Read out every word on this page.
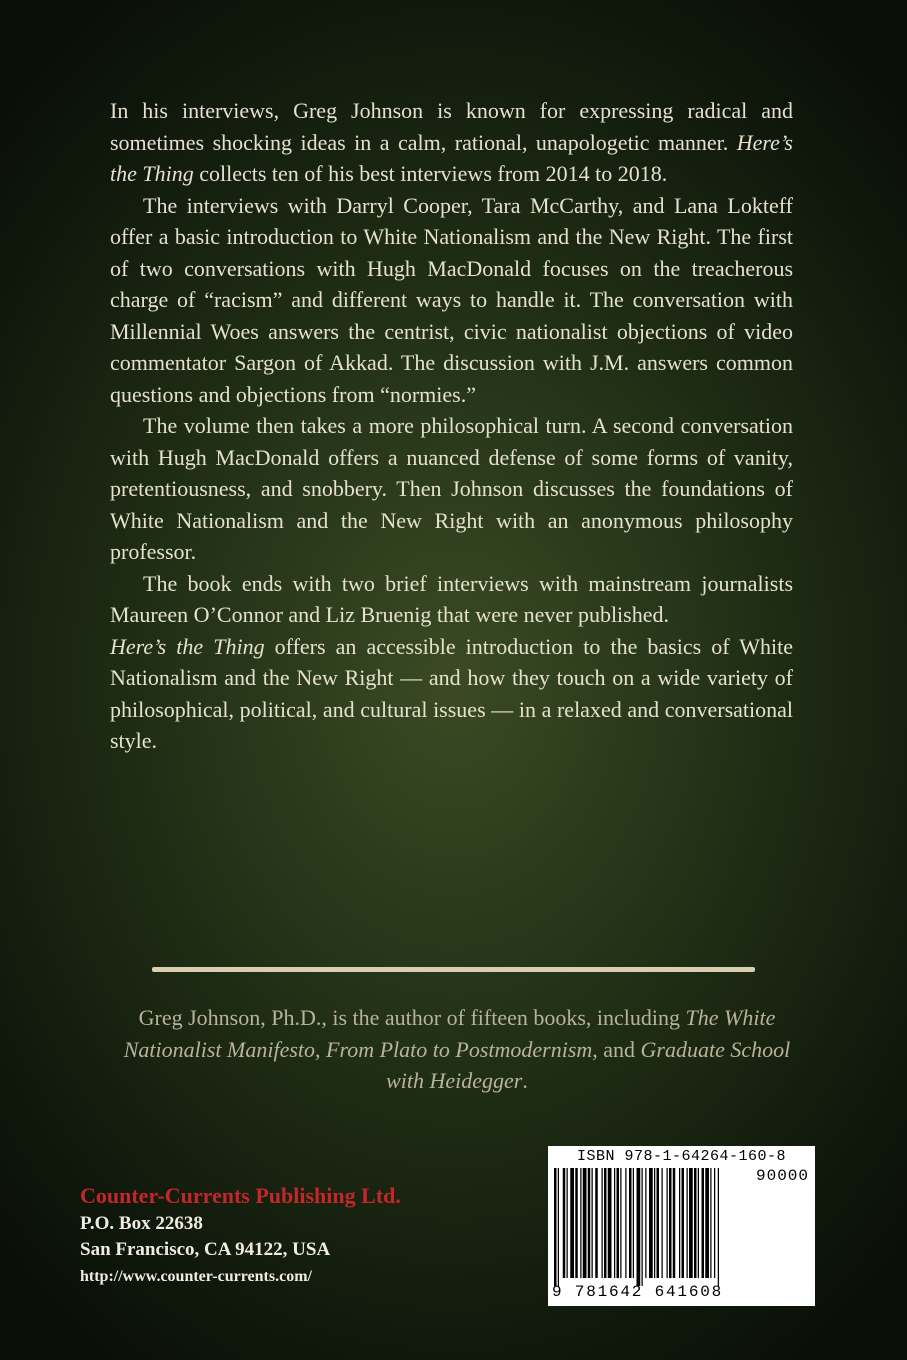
In his interviews, Greg Johnson is known for expressing radical and sometimes shocking ideas in a calm, rational, unapologetic manner. Here’s the Thing collects ten of his best interviews from 2014 to 2018.

The interviews with Darryl Cooper, Tara McCarthy, and Lana Lokteff offer a basic introduction to White Nationalism and the New Right. The first of two conversations with Hugh MacDonald focuses on the treacherous charge of “racism” and different ways to handle it. The conversation with Millennial Woes answers the centrist, civic nationalist objections of video commentator Sargon of Akkad. The discussion with J.M. answers common questions and objections from “normies.”

The volume then takes a more philosophical turn. A second conversation with Hugh MacDonald offers a nuanced defense of some forms of vanity, pretentiousness, and snobbery. Then Johnson discusses the foundations of White Nationalism and the New Right with an anonymous philosophy professor.

The book ends with two brief interviews with mainstream journalists Maureen O’Connor and Liz Bruenig that were never published.

Here’s the Thing offers an accessible introduction to the basics of White Nationalism and the New Right — and how they touch on a wide variety of philosophical, political, and cultural issues — in a relaxed and conversational style.

Greg Johnson, Ph.D., is the author of fifteen books, including The White Nationalist Manifesto, From Plato to Postmodernism, and Graduate School with Heidegger.
Counter-Currents Publishing Ltd.
P.O. Box 22638
San Francisco, CA 94122, USA
http://www.counter-currents.com/
ISBN 978-1-64264-160-8
90000
9 781642 641608
